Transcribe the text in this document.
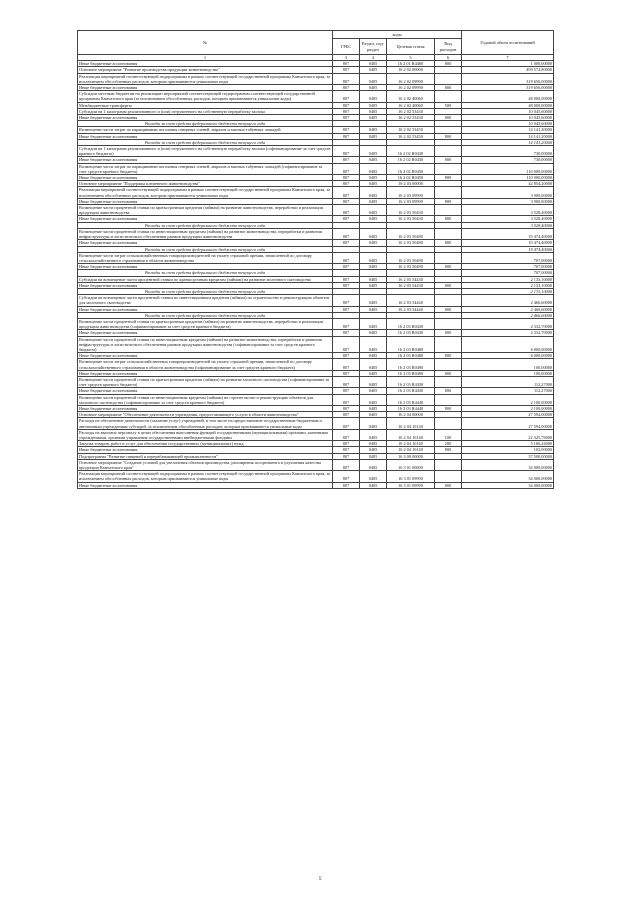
№	коды				Годовой объем ассигнований
	ГРБС	Раздел, под-раздел	Целевая статья	Вид расходов	
1	3	4	5	6	7
Иные бюджетные ассигнования	807	0405	16 2 01 R4460	800	1 000,00000
Основное мероприятие "Развитие производства продукции животноводства"	807	0405	16 2 02 00000		499 572,80000
Реализация мероприятий соответствующей подпрограммы в рамках соответствующей государственной программы Камчатского края, за исключением обособленных расходов, которым присваиваются уникальные коды	807	0405	16 2 02 09990		319 656,00000
Иные бюджетные ассигнования	807	0405	16 2 02 09990	800	319 656,00000
Субсидии местным бюджетам на реализацию мероприятий соответствующей подпрограммы соответствующей государственной программы Камчатского края (за исключением обособленных расходов, которым присваиваются уникальные коды)	807	0405	16 2 02 40060		48 000,00000
Межбюджетные трансферты	807	0405	16 2 02 40060	500	48 000,00000
Субсидии на 1 килограмм реализованного и (или) отгруженного на собственную переработку молока	807	0405	16 2 02 53430		10 045,60000
Иные бюджетные ассигнования	807	0405	16 2 02 53430	800	10 045,60000
Расходы за счет средств федерального бюджета текущего года					10 045,60000
Возмещение части затрат по наращиванию поголовья северных оленей, маралов и мясных табунных лошадей	807	0405	16 2 02 53450		14 141,20000
Иные бюджетные ассигнования	807	0405	16 2 02 53450	800	14 141,20000
Расходы за счет средств федерального бюджета текущего года					14 141,20000
Субсидии на 1 килограмм реализованного и (или) отгруженного на собственную переработку молока (софинансирование за счет средств краевого бюджета)	807	0405	16 2 02 R0430		730,00000
Иные бюджетные ассигнования	807	0405	16 2 02 R0430	800	730,00000
Возмещение части затрат по наращиванию поголовья северных оленей, маралов и мясных табунных лошадей (софинансирование за счет средств краевого бюджета)	807	0405	16 2 02 R0450		110 000,00000
Иные бюджетные ассигнования	807	0405	16 2 02 R0450	800	110 000,00000
Основное мероприятие "Поддержка племенного животноводства"	807	0405	16 2 03 00000		42 854,20000
Реализация мероприятий соответствующей подпрограммы в рамках соответствующей государственной программы Камчатского края, за исключением обособленных расходов, которым присваиваются уникальные коды	807	0405	16 2 03 09990		3 900,00000
Иные бюджетные ассигнования	807	0405	16 2 03 09990	800	3 900,00000
Возмещение части процентной ставки по краткосрочным кредитам (займам) на развитие животноводства, переработки и реализации продукции животноводства	807	0405	16 2 03 50430		3 528,40000
Иные бюджетные ассигнования	807	0405	16 2 03 50430	800	3 528,40000
Расходы за счет средств федерального бюджета текущего года					3 528,40000
Возмещение части процентной ставки по инвестиционным кредитам (займам) на развитие животноводства, переработки и развития инфраструктуры и логистического обеспечения рынков продукции животноводства	807	0405	16 2 03 50480		19 474,40000
Иные бюджетные ассигнования	807	0405	16 2 03 50480	800	19 474,40000
Расходы за счет средств федерального бюджета текущего года					19 474,40000
Возмещение части затрат сельскохозяйственных товаропроизводителей на уплату страховой премии, начисленной по договору сельскохозяйственного страхования в области животноводства	807	0405	16 2 03 50490		707,00000
Иные бюджетные ассигнования	807	0405	16 2 03 50490	800	707,00000
Расходы за счет средств федерального бюджета текущего года					707,00000
Субсидии на возмещение части процентной ставки по краткосрочным кредитам (займам) на развитие молочного скотоводства	807	0405	16 2 03 54430		2 133,10000
Иные бюджетные ассигнования	807	0405	16 2 03 54430	800	2 133,10000
Расходы за счет средств федерального бюджета текущего года					2 133,10000
Субсидии на возмещение части процентной ставки по инвестиционным кредитам (займам) на строительство и реконструкцию объектов для молочного скотоводства	807	0405	16 2 03 54440		2 466,60000
Иные бюджетные ассигнования	807	0405	16 2 03 54440	800	2 466,60000
Расходы за счет средств федерального бюджета текущего года					2 466,60000
Возмещение части процентной ставки по краткосрочным кредитам (займам) на развитие животноводства, переработки и реализации продукции животноводства (софинансирование за счет средств краевого бюджета)	807	0405	16 2 03 R0430		2 332,70000
Иные бюджетные ассигнования	807	0405	16 2 03 R0430	800	2 332,70000
Возмещение части процентной ставки по инвестиционным кредитам (займам) на развитие животноводства, переработки и развития инфраструктуры и логистического обеспечения рынков продукции животноводства (софинансирование за счет средств краевого бюджета)	807	0405	16 2 03 R0480		6 000,00000
Иные бюджетные ассигнования	807	0405	16 2 03 R0480	800	6 000,00000
Возмещение части затрат сельскохозяйственных товаропроизводителей на уплату страховой премии, начисленной по договору сельскохозяйственного страхования в области животноводства (софинансирование за счет средств краевого бюджета)	807	0405	16 2 03 R0490		100,00000
Иные бюджетные ассигнования	807	0405	16 2 03 R0490	800	100,00000
Возмещение части процентной ставки по краткосрочным кредитам (займам) на развитие молочного скотоводства (софинансирование за счет средств краевого бюджета)	807	0405	16 2 03 R4430		112,27000
Иные бюджетные ассигнования	807	0405	16 2 03 R4430	800	112,27000
Возмещение части процентной ставки по инвестиционным кредитам (займам) на строительство и реконструкцию объектов для молочного скотоводства (софинансирование за счет средств краевого бюджета)	807	0405	16 2 03 R4440		2 100,00000
Иные бюджетные ассигнования	807	0405	16 2 03 R4440	800	2 100,00000
Основное мероприятие "Обеспечение деятельности учреждения, предоставляющего услуги в области животноводства"	807	0405	16 2 04 00000		27 594,00000
Расходы на обеспечение деятельности (оказание услуг) учреждений, в том числе на предоставление государственным бюджетным и автономным учреждениям субсидий, за исключением обособленных расходов, которым присваиваются уникальные коды	807	0405	16 2 04 10140		27 594,00000
Расходы на выплаты персоналу в целях обеспечения выполнения функций государственными (муниципальными) органами, казенными учреждениями, органами управления государственными внебюджетными фондами	807	0405	16 2 04 10140	100	22 325,76000
Закупка товаров, работ и услуг для обеспечения государственных (муниципальных) нужд	807	0405	16 2 04 10140	200	5 166,24000
Иные бюджетные ассигнования	807	0405	16 2 04 10140	800	102,00000
Подпрограмма "Развитие пищевой и перерабатывающей промышленности"	807	0405	16 3 00 00000		37 500,00000
Основное мероприятие "Создание условий для увеличения объемов производства, расширения ассортимента и улучшения качества продукции Камчатского края"	807	0405	16 3 01 00000		34 000,00000
Реализация мероприятий соответствующей подпрограммы в рамках соответствующей государственной программы Камчатского края, за исключением обособленных расходов, которым присваиваются уникальные коды	807	0405	16 3 01 09990		34 000,00000
Иные бюджетные ассигнования	807	0405	16 3 01 09990	800	34 000,00000
5
